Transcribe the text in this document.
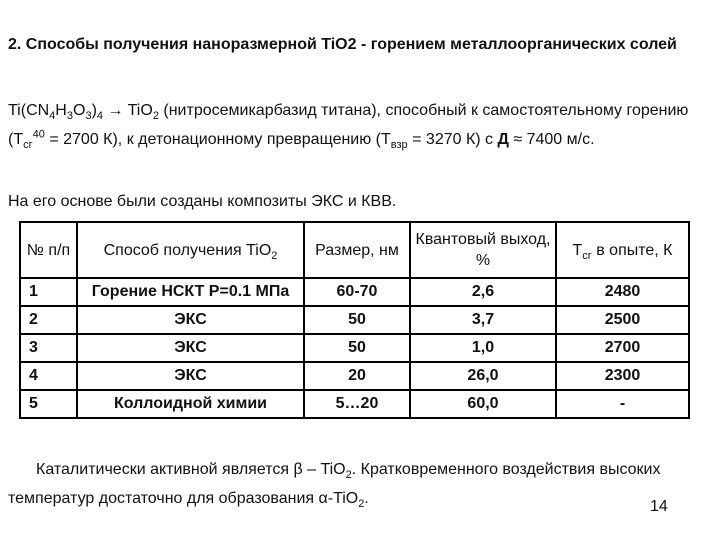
2. Способы получения наноразмерной TiO2 - горением металлоорганических солей
$Ti(CN_4H_3O_3)_4 \to TiO_2$ (нитросемикарбазид титана), способный к самостоятельному горению ($Т_{сг}^{40} = 2700$ К), к детонационному превращению ($Т_{взр} = 3270$ К) с Д ≈ 7400 м/с.
На его основе были созданы композиты ЭКС и КВВ.
№ п/п	Способ получения TiO$_2$	Размер, нм	Квантовый выход, %	$Т_{сг}$ в опыте, К
1	Горение НСКТ Р=0.1 МПа	60-70	2,6	2480
2	ЭКС	50	3,7	2500
3	ЭКС	50	1,0	2700
4	ЭКС	20	26,0	2300
5	Коллоидной химии	5…20	60,0	-
Каталитически активной является β – TiO$_2$. Кратковременного воздействия высоких температур достаточно для образования α-TiO$_2$.	14
